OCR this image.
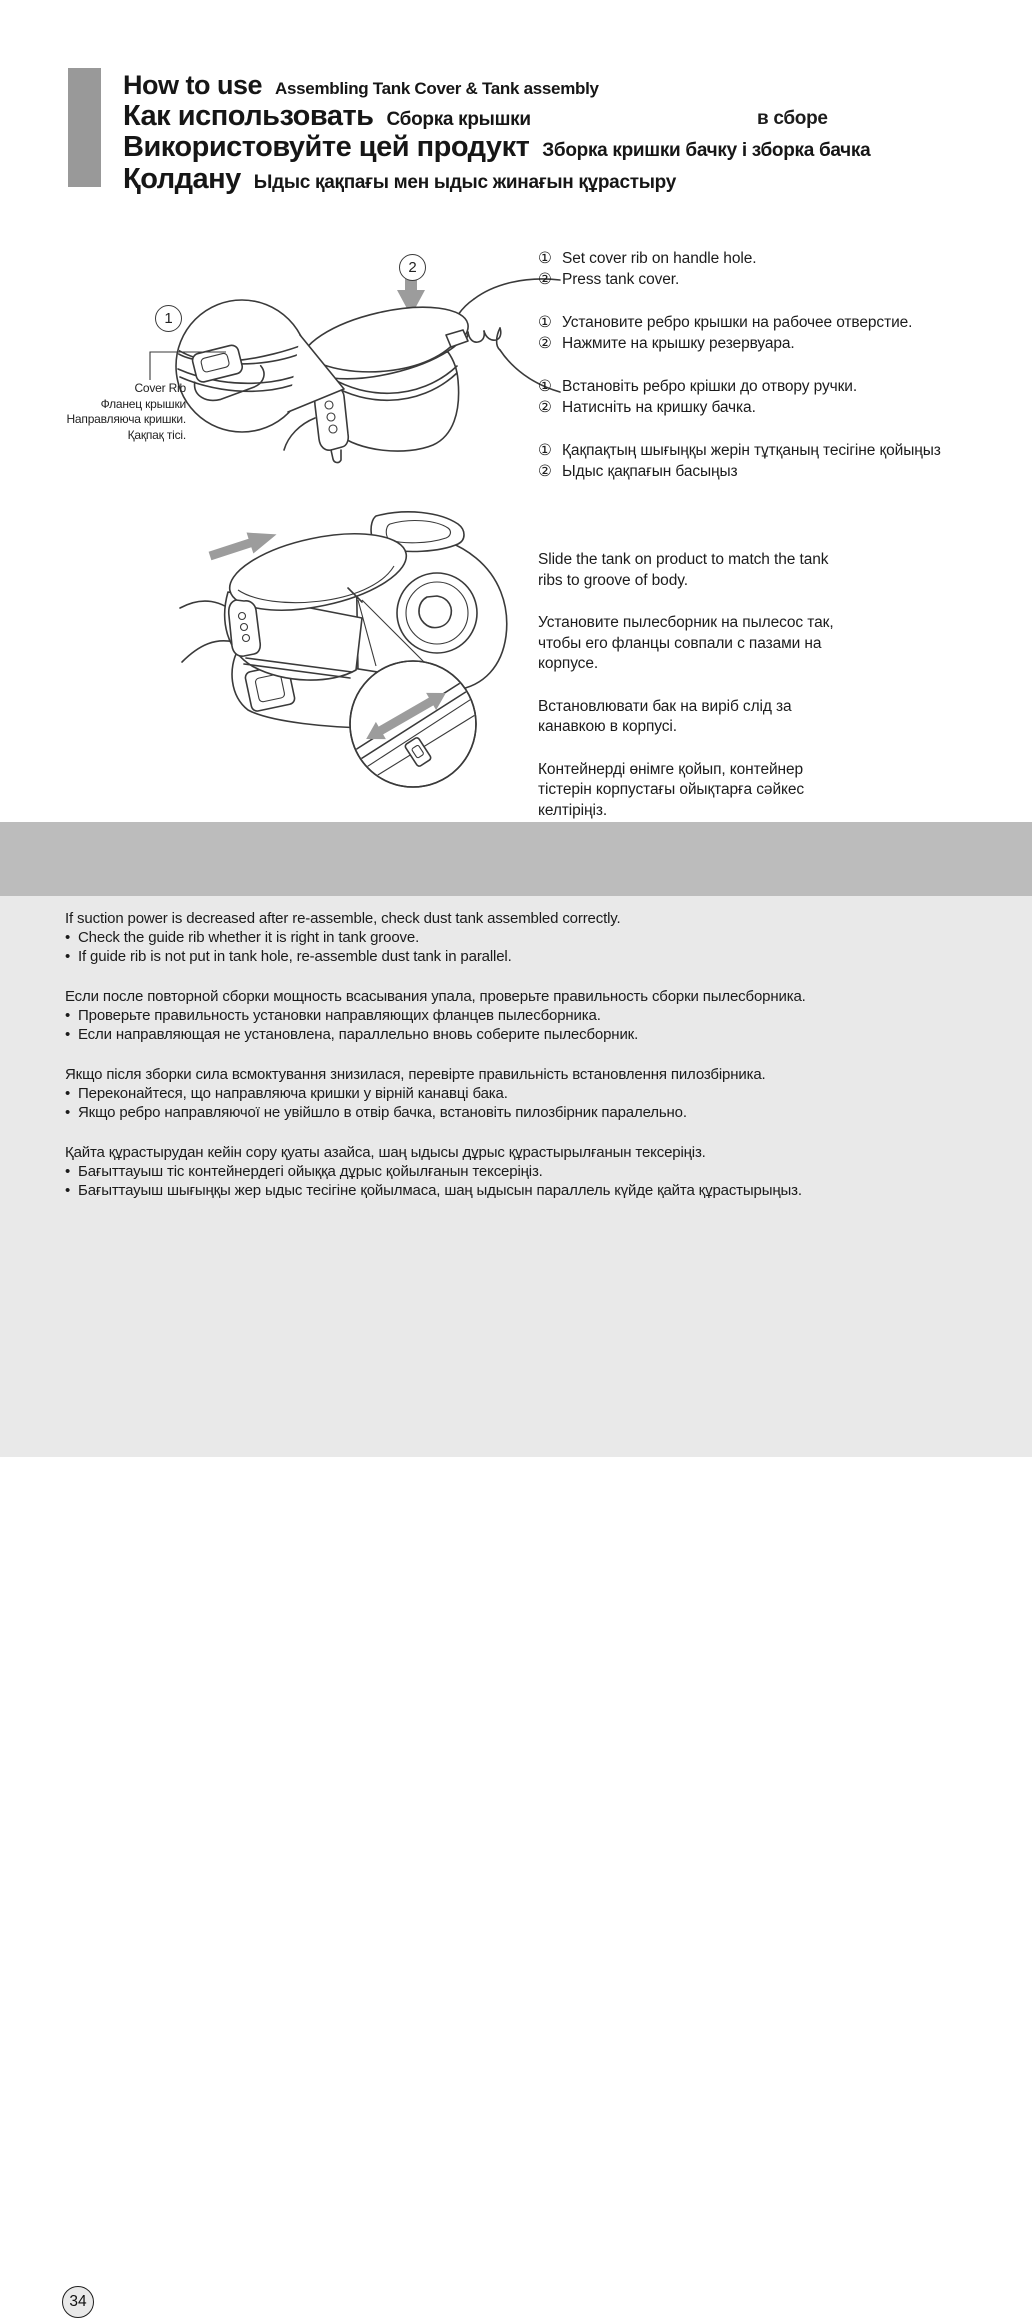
How to use Assembling Tank Cover & Tank assembly
Как использовать Сборка крышки	в сборе
Використовуйте цей продукт Зборка кришки бачку і зборка бачка
Қолдану Ыдыс қақпағы мен ыдыс жинағын құрастыру
1
2
Cover Rib
Фланец крышки
Направляюча кришки.
Қақпақ тісі.
① Set cover rib on handle hole.
② Press tank cover.
① Установите ребро крышки на рабочее отверстие.
② Нажмите на крышку резервуара.
① Встановіть ребро крішки до отвору ручки.
② Натисніть на кришку бачка.
① Қақпақтың шығыңқы жерін тұтқаның тесігіне қойыңыз
② Ыдыс қақпағын басыңыз
Slide the tank on product to match the tank ribs to groove of body.
Установите пылесборник на пылесос так, чтобы его фланцы совпали с пазами на корпусе.
Встановлювати бак на виріб слід за канавкою в корпусі.
Контейнерді өнімге қойып, контейнер тістерін корпустағы ойықтарға сәйкес келтіріңіз.
If suction power is decreased after re-assemble, check dust tank assembled correctly.
• Check the guide rib whether it is right in tank groove.
• If guide rib is not put in tank hole, re-assemble dust tank in parallel.
Если после повторной сборки мощность всасывания упала, проверьте правильность сборки пылесборника.
• Проверьте правильность установки направляющих фланцев пылесборника.
• Если направляющая не установлена, параллельно вновь соберите пылесборник.
Якщо після зборки сила всмоктування знизилася, перевірте правильність встановлення пилозбірника.
• Переконайтеся, що направляюча кришки у вірній канавці бака.
• Якщо ребро направляючої не увійшло в отвір бачка, встановіть пилозбірник паралельно.
Қайта құрастырудан кейін сору қуаты азайса, шаң ыдысы дұрыс құрастырылғанын тексеріңіз.
• Бағыттауыш тіс контейнердегі ойыққа дұрыс қойылғанын тексеріңіз.
• Бағыттауыш шығыңқы жер ыдыс тесігіне қойылмаса, шаң ыдысын параллель күйде қайта құрастырыңыз.
34
